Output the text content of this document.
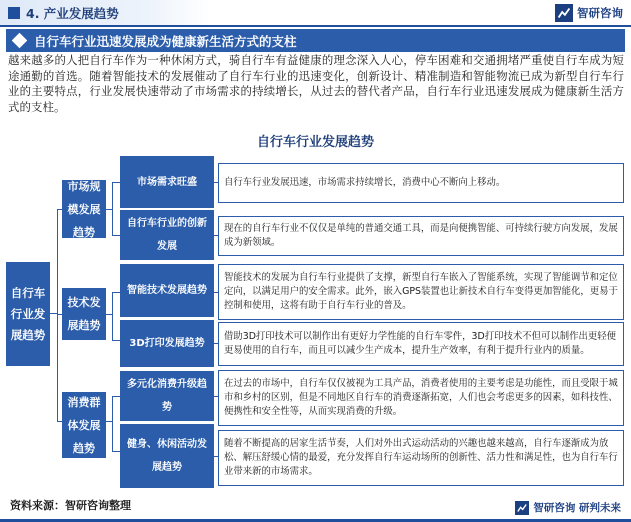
4. 产业发展趋势	智研咨询
自行车行业迅速发展成为健康新生活方式的支柱

越来越多的人把自行车作为一种休闲方式，骑自行车有益健康的理念深入人心，停车困难和交通拥堵严重使自行车成为短途通勤的首选。随着智能技术的发展催动了自行车行业的迅速变化，创新设计、精准制造和智能物流已成为新型自行车行业的主要特点，行业发展快速带动了市场需求的持续增长，从过去的替代者产品，自行车行业迅速发展成为健康新生活方式的支柱。

自行车行业发展趋势
自行车行业发展趋势
市场规模发展趋势
市场需求旺盛	自行车行业发展迅速，市场需求持续增长，消费中心不断向上移动。
自行车行业的创新发展
现在的自行车行业不仅仅是单纯的普通交通工具，而是向便携智能、可持续行驶方向发展，发展成为新领域。
技术发展趋势
智能技术发展趋势
智能技术的发展为自行车行业提供了支撑，新型自行车嵌入了智能系统，实现了智能调节和定位定向，以满足用户的安全需求。此外，嵌入GPS装置也让新技术自行车变得更加智能化，更易于控制和使用，这将有助于自行车行业的普及。
3D打印发展趋势
借助3D打印技术可以制作出有更好力学性能的自行车零件，3D打印技术不但可以制作出更轻便更易使用的自行车，而且可以减少生产成本，提升生产效率，有利于提升行业内的质量。
消费群体发展趋势
多元化消费升级趋势
在过去的市场中，自行车仅仅被视为工具产品，消费者使用的主要考虑是功能性，而且受限于城市和乡村的区别，但是不同地区自行车的消费逐渐拓宽，人们也会考虑更多的因素，如科技性、便携性和安全性等，从而实现消费的升级。
健身、休闲活动发展趋势
随着不断提高的居家生活节奏，人们对外出式运动活动的兴趣也越来越高，自行车逐渐成为放松、解压舒缓心情的最爱，充分发挥自行车运动场所的创新性、活力性和满足性，也为自行车行业带来新的市场需求。
资料来源：智研咨询整理	智研咨询 研判未来
